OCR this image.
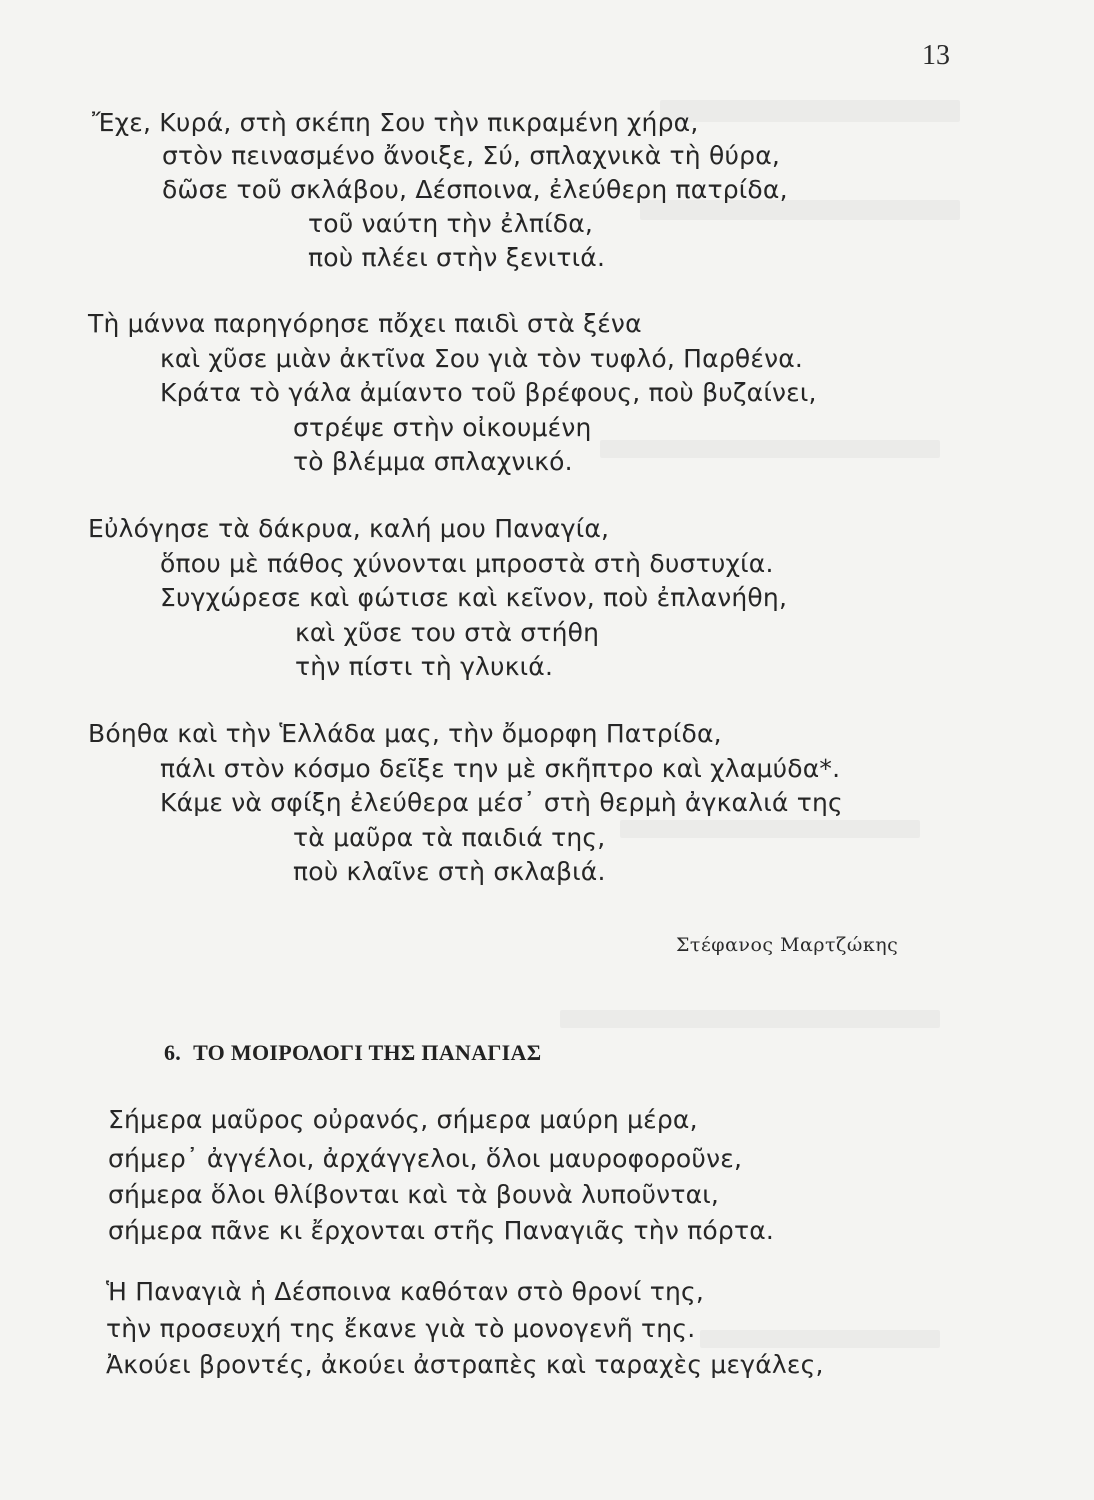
13
Ἔχε, Κυρά, στὴ σκέπη Σου τὴν πικραμένη χήρα,
στὸν πεινασμένο ἄνοιξε, Σύ, σπλαχνικὰ τὴ θύρα,
δῶσε τοῦ σκλάβου, Δέσποινα, ἐλεύθερη πατρίδα,
τοῦ ναύτη τὴν ἐλπίδα,
ποὺ πλέει στὴν ξενιτιά.
Τὴ μάννα παρηγόρησε πὄχει παιδὶ στὰ ξένα
καὶ χῦσε μιὰν ἀκτῖνα Σου γιὰ τὸν τυφλό, Παρθένα.
Κράτα τὸ γάλα ἀμίαντο τοῦ βρέφους, ποὺ βυζαίνει,
στρέψε στὴν οἰκουμένη
τὸ βλέμμα σπλαχνικό.
Εὐλόγησε τὰ δάκρυα, καλή μου Παναγία,
ὅπου μὲ πάθος χύνονται μπροστὰ στὴ δυστυχία.
Συγχώρεσε καὶ φώτισε καὶ κεῖνον, ποὺ ἐπλανήθη,
καὶ χῦσε του στὰ στήθη
τὴν πίστι τὴ γλυκιά.
Βόηθα καὶ τὴν Ἑλλάδα μας, τὴν ὄμορφη Πατρίδα,
πάλι στὸν κόσμο δεῖξε την μὲ σκῆπτρο καὶ χλαμύδα*.
Κάμε νὰ σφίξη ἐλεύθερα μέσ᾿ στὴ θερμὴ ἀγκαλιά της
τὰ μαῦρα τὰ παιδιά της,
ποὺ κλαῖνε στὴ σκλαβιά.
Στέφανος Μαρτζώκης
6. ΤΟ ΜΟΙΡΟΛΟΓΙ ΤΗΣ ΠΑΝΑΓΙΑΣ
Σήμερα μαῦρος οὐρανός, σήμερα μαύρη μέρα,
σήμερ᾿ ἀγγέλοι, ἀρχάγγελοι, ὅλοι μαυροφοροῦνε,
σήμερα ὅλοι θλίβονται καὶ τὰ βουνὰ λυποῦνται,
σήμερα πᾶνε κι ἔρχονται στῆς Παναγιᾶς τὴν πόρτα.
Ἡ Παναγιὰ ἡ Δέσποινα καθόταν στὸ θρονί της,
τὴν προσευχή της ἔκανε γιὰ τὸ μονογενῆ της.
Ἀκούει βροντές, ἀκούει ἀστραπὲς καὶ ταραχὲς μεγάλες,
